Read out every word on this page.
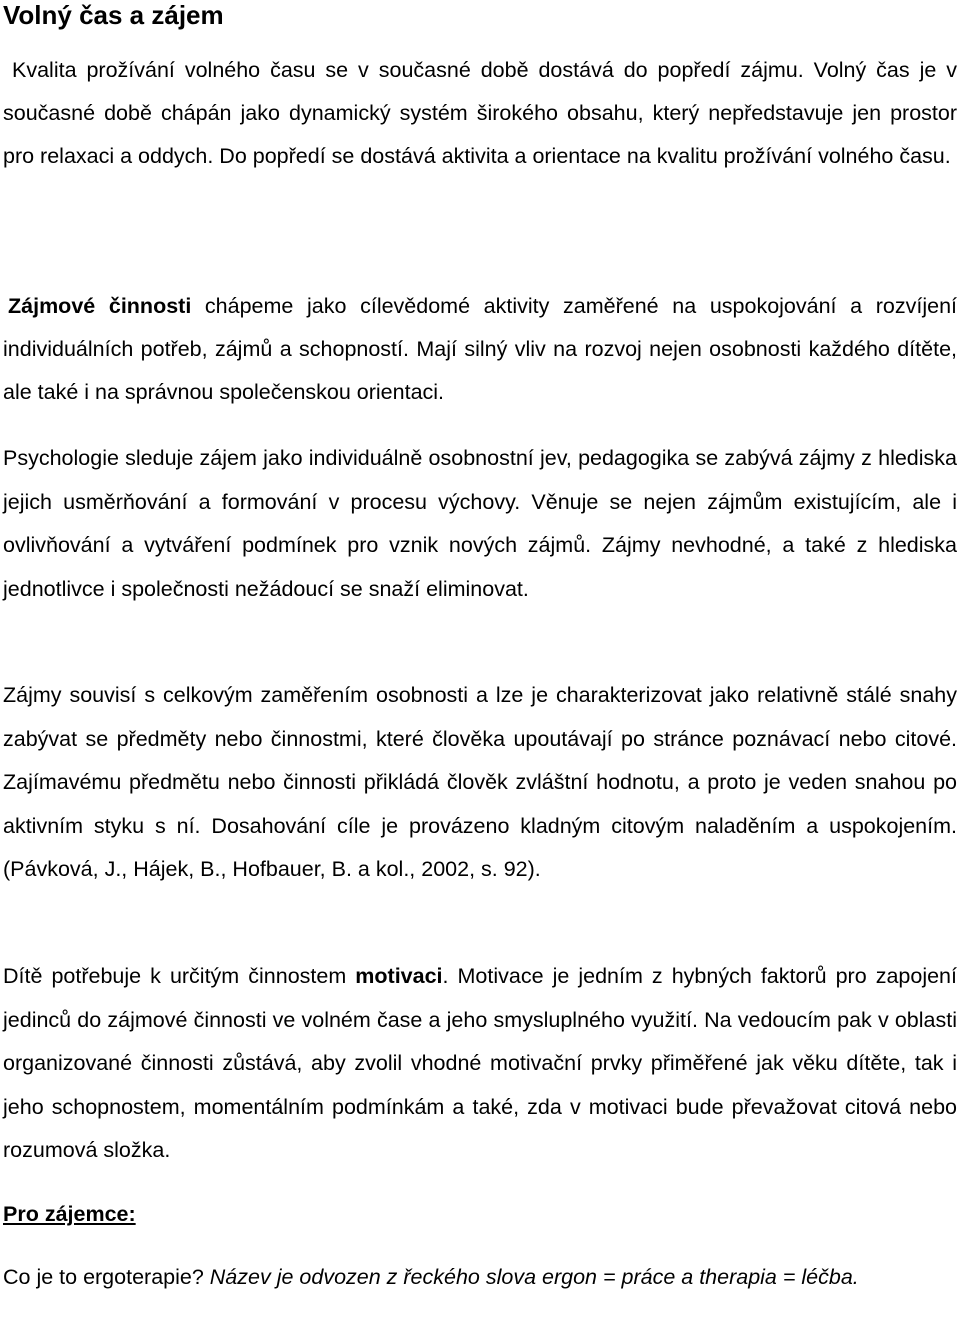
Volný čas a zájem

Kvalita prožívání volného času se v současné době dostává do popředí zájmu. Volný čas je v současné době chápán jako dynamický systém širokého obsahu, který nepředstavuje jen prostor pro relaxaci a oddych. Do popředí se dostává aktivita a orientace na kvalitu prožívání volného času.

Zájmové činnosti chápeme jako cílevědomé aktivity zaměřené na uspokojování a rozvíjení individuálních potřeb, zájmů a schopností. Mají silný vliv na rozvoj nejen osobnosti každého dítěte, ale také i na správnou společenskou orientaci.

Psychologie sleduje zájem jako individuálně osobnostní jev, pedagogika se zabývá zájmy z hlediska jejich usměrňování a formování v procesu výchovy. Věnuje se nejen zájmům existujícím, ale i ovlivňování a vytváření podmínek pro vznik nových zájmů. Zájmy nevhodné, a také z hlediska jednotlivce i společnosti nežádoucí se snaží eliminovat.

Zájmy souvisí s celkovým zaměřením osobnosti a lze je charakterizovat jako relativně stálé snahy zabývat se předměty nebo činnostmi, které člověka upoutávají po stránce poznávací nebo citové. Zajímavému předmětu nebo činnosti přikládá člověk zvláštní hodnotu, a proto je veden snahou po aktivním styku s ní. Dosahování cíle je provázeno kladným citovým naladěním a uspokojením. (Pávková, J., Hájek, B., Hofbauer, B. a kol., 2002, s. 92).

Dítě potřebuje k určitým činnostem motivaci. Motivace je jedním z hybných faktorů pro zapojení jedinců do zájmové činnosti ve volném čase a jeho smysluplného využití. Na vedoucím pak v oblasti organizované činnosti zůstává, aby zvolil vhodné motivační prvky přiměřené jak věku dítěte, tak i jeho schopnostem, momentálním podmínkám a také, zda v motivaci bude převažovat citová nebo rozumová složka.

Pro zájemce:

Co je to ergoterapie? Název je odvozen z řeckého slova ergon = práce a therapia = léčba.
